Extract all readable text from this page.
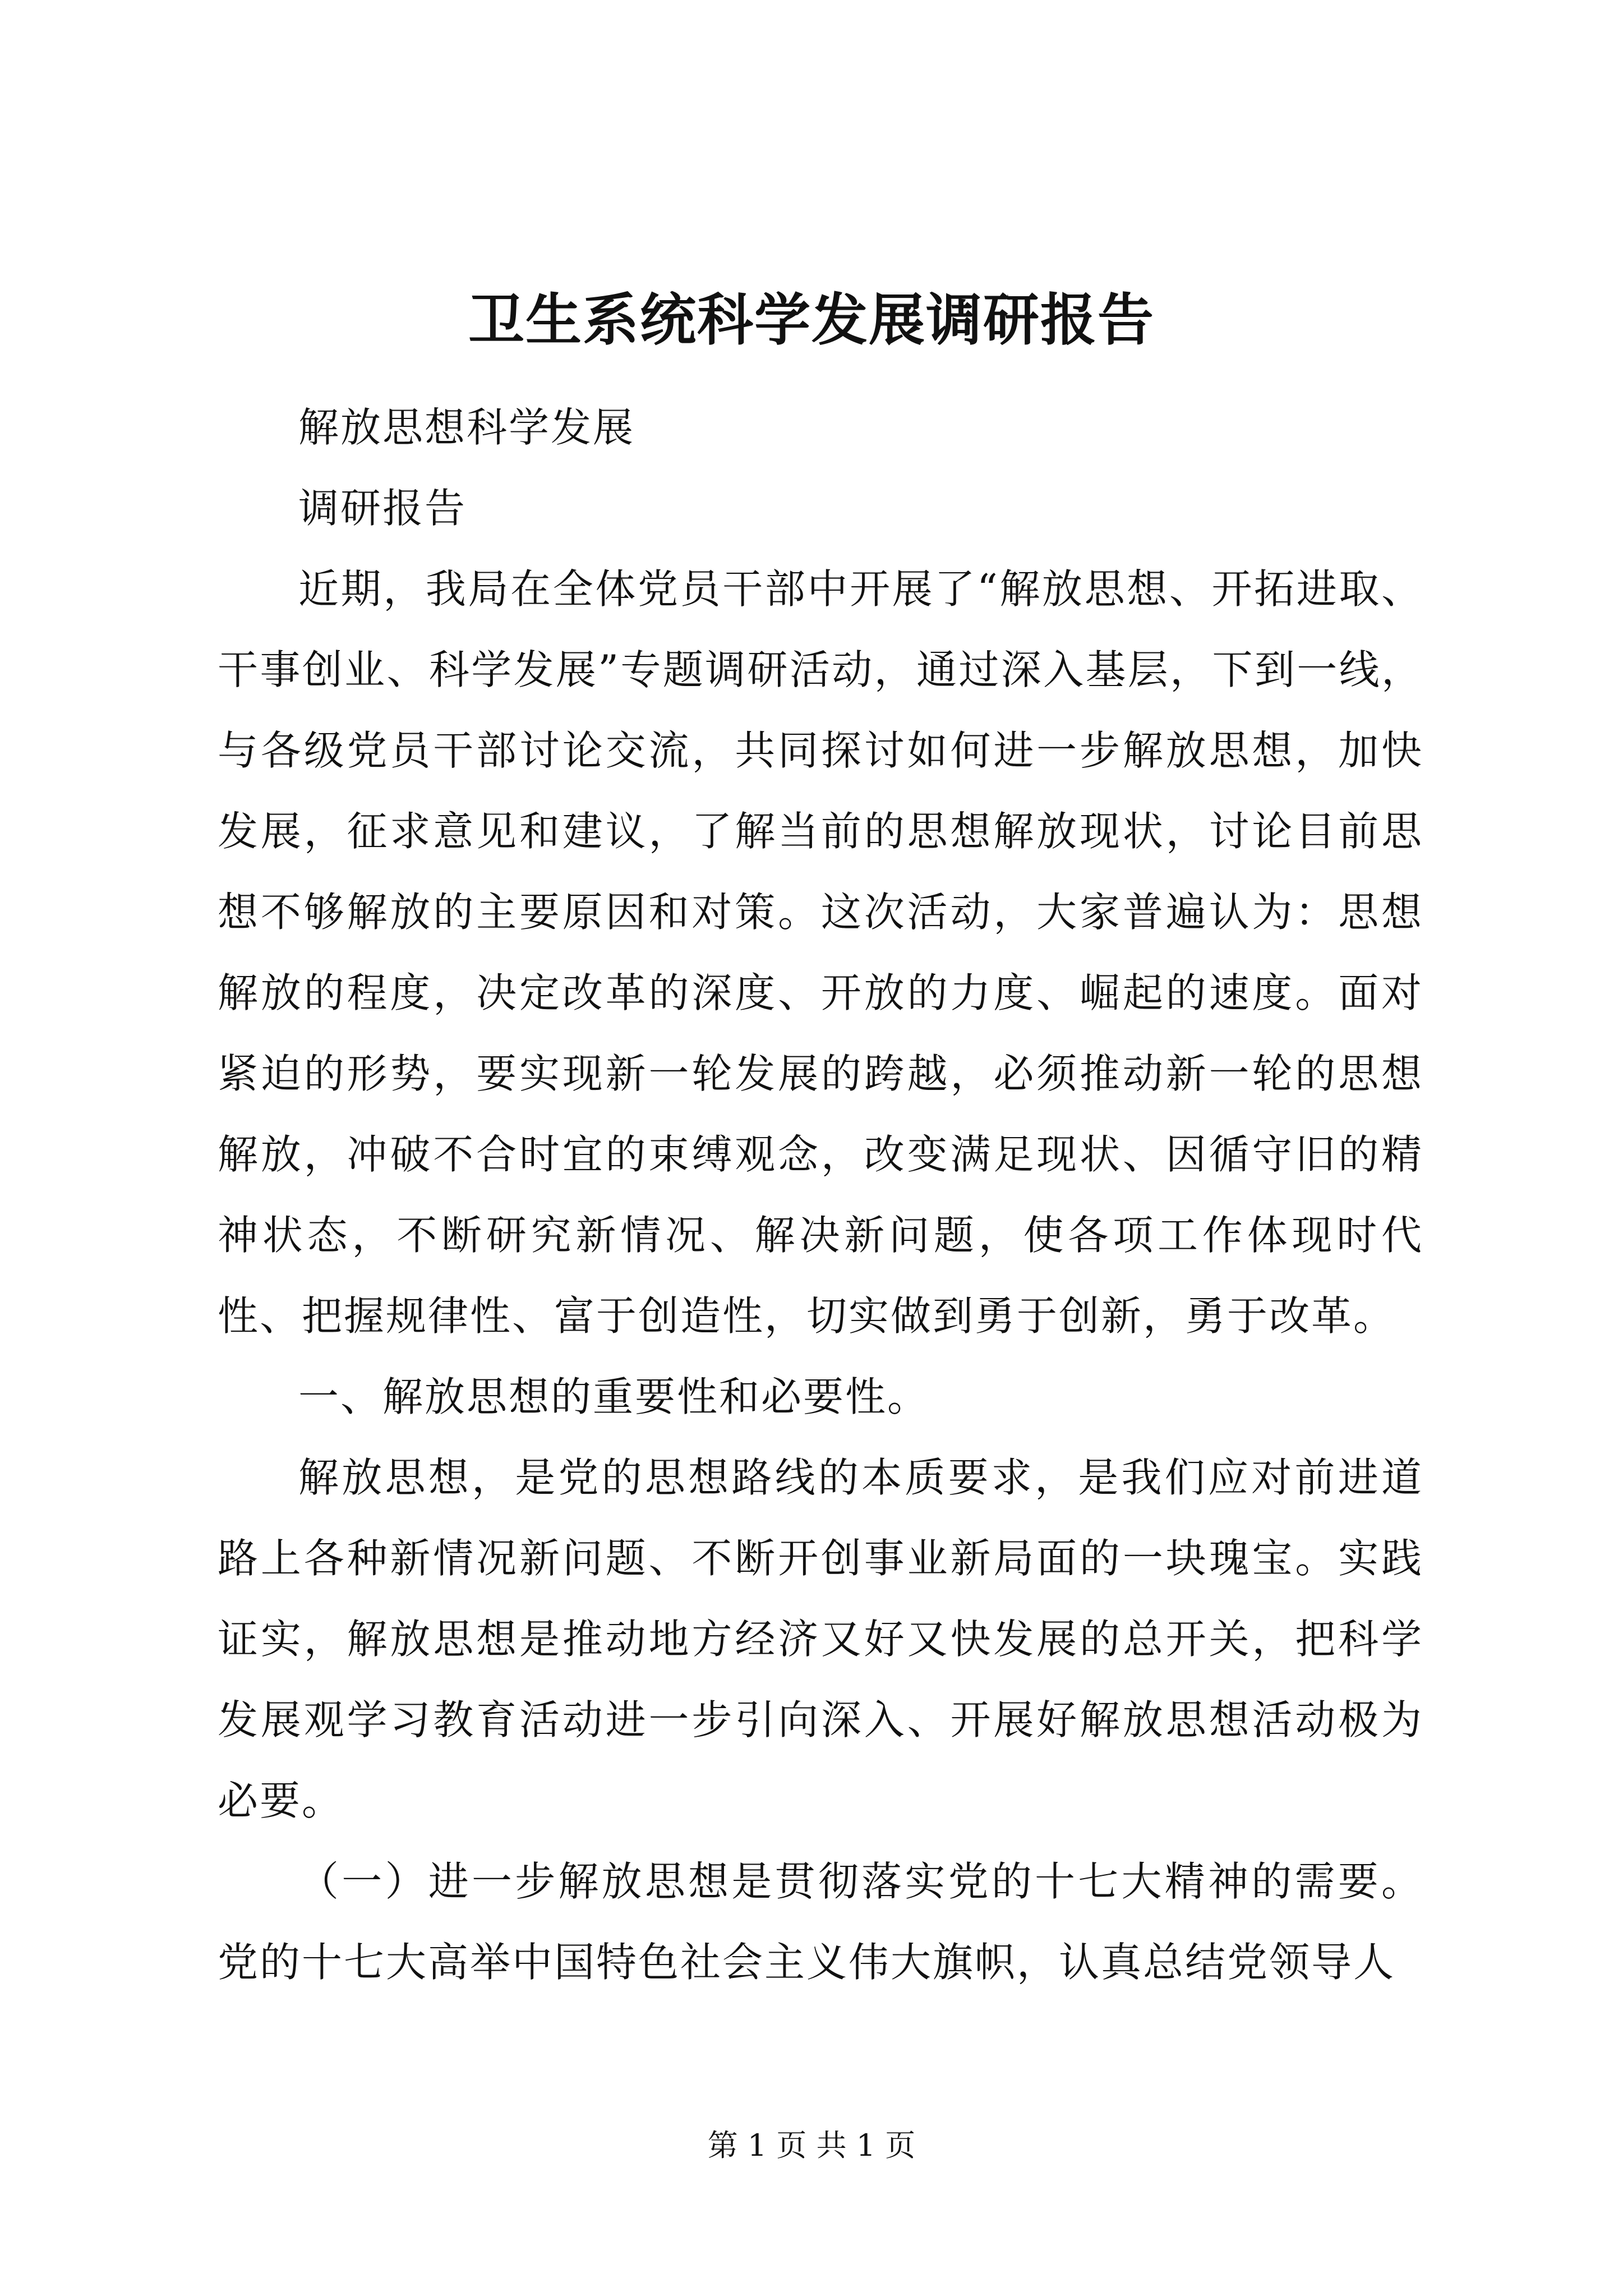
卫生系统科学发展调研报告

解放思想科学发展

调研报告

近期，我局在全体党员干部中开展了“解放思想、开拓进取、干事创业、科学发展”专题调研活动，通过深入基层，下到一线，与各级党员干部讨论交流，共同探讨如何进一步解放思想，加快发展，征求意见和建议，了解当前的思想解放现状，讨论目前思想不够解放的主要原因和对策。这次活动，大家普遍认为：思想解放的程度，决定改革的深度、开放的力度、崛起的速度。面对紧迫的形势，要实现新一轮发展的跨越，必须推动新一轮的思想解放，冲破不合时宜的束缚观念，改变满足现状、因循守旧的精神状态，不断研究新情况、解决新问题，使各项工作体现时代性、把握规律性、富于创造性，切实做到勇于创新，勇于改革。

一、解放思想的重要性和必要性。

解放思想，是党的思想路线的本质要求，是我们应对前进道路上各种新情况新问题、不断开创事业新局面的一块瑰宝。实践证实，解放思想是推动地方经济又好又快发展的总开关，把科学发展观学习教育活动进一步引向深入、开展好解放思想活动极为必要。

（一）进一步解放思想是贯彻落实党的十七大精神的需要。党的十七大高举中国特色社会主义伟大旗帜，认真总结党领导人

第 1 页 共 1 页
